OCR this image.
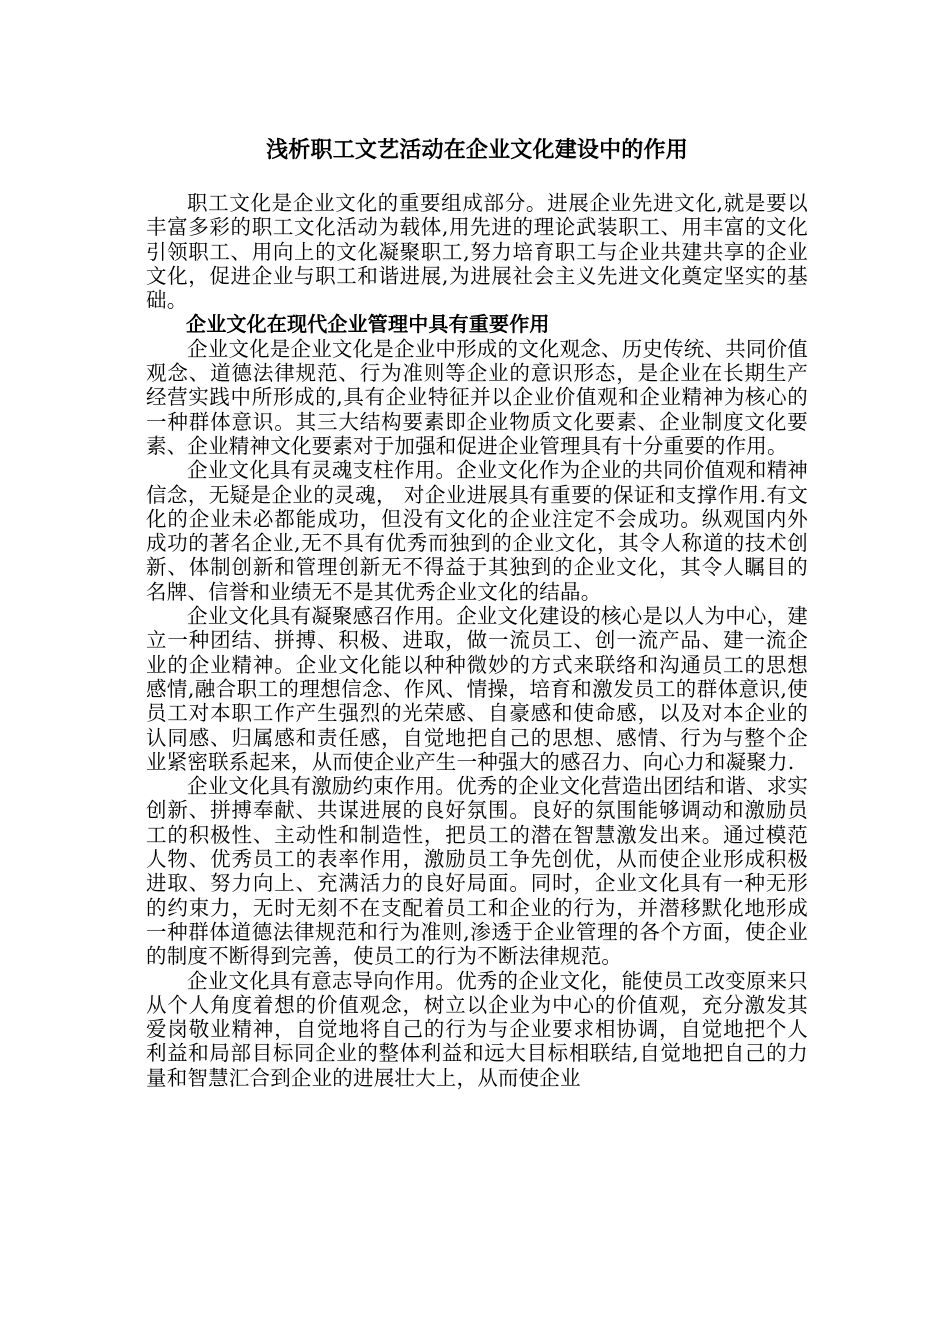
浅析职工文艺活动在企业文化建设中的作用

职工文化是企业文化的重要组成部分。进展企业先进文化,就是要以丰富多彩的职工文化活动为载体,用先进的理论武装职工、用丰富的文化引领职工、用向上的文化凝聚职工,努力培育职工与企业共建共享的企业文化，促进企业与职工和谐进展,为进展社会主义先进文化奠定坚实的基础。

企业文化在现代企业管理中具有重要作用

企业文化是企业文化是企业中形成的文化观念、历史传统、共同价值观念、道德法律规范、行为准则等企业的意识形态，是企业在长期生产经营实践中所形成的,具有企业特征并以企业价值观和企业精神为核心的一种群体意识。其三大结构要素即企业物质文化要素、企业制度文化要素、企业精神文化要素对于加强和促进企业管理具有十分重要的作用。

企业文化具有灵魂支柱作用。企业文化作为企业的共同价值观和精神信念，无疑是企业的灵魂， 对企业进展具有重要的保证和支撑作用.有文化的企业未必都能成功，但没有文化的企业注定不会成功。纵观国内外成功的著名企业,无不具有优秀而独到的企业文化，其令人称道的技术创新、体制创新和管理创新无不得益于其独到的企业文化，其令人瞩目的名牌、信誉和业绩无不是其优秀企业文化的结晶。

企业文化具有凝聚感召作用。企业文化建设的核心是以人为中心，建立一种团结、拼搏、积极、进取，做一流员工、创一流产品、建一流企业的企业精神。企业文化能以种种微妙的方式来联络和沟通员工的思想感情,融合职工的理想信念、作风、情操，培育和激发员工的群体意识,使员工对本职工作产生强烈的光荣感、自豪感和使命感，以及对本企业的认同感、归属感和责任感，自觉地把自己的思想、感情、行为与整个企业紧密联系起来，从而使企业产生一种强大的感召力、向心力和凝聚力.

企业文化具有激励约束作用。优秀的企业文化营造出团结和谐、求实创新、拼搏奉献、共谋进展的良好氛围。良好的氛围能够调动和激励员工的积极性、主动性和制造性，把员工的潜在智慧激发出来。通过模范人物、优秀员工的表率作用，激励员工争先创优，从而使企业形成积极进取、努力向上、充满活力的良好局面。同时，企业文化具有一种无形的约束力，无时无刻不在支配着员工和企业的行为，并潜移默化地形成一种群体道德法律规范和行为准则,渗透于企业管理的各个方面，使企业的制度不断得到完善，使员工的行为不断法律规范。

企业文化具有意志导向作用。优秀的企业文化，能使员工改变原来只从个人角度着想的价值观念，树立以企业为中心的价值观，充分激发其爱岗敬业精神，自觉地将自己的行为与企业要求相协调，自觉地把个人利益和局部目标同企业的整体利益和远大目标相联结,自觉地把自己的力量和智慧汇合到企业的进展壮大上，从而使企业
